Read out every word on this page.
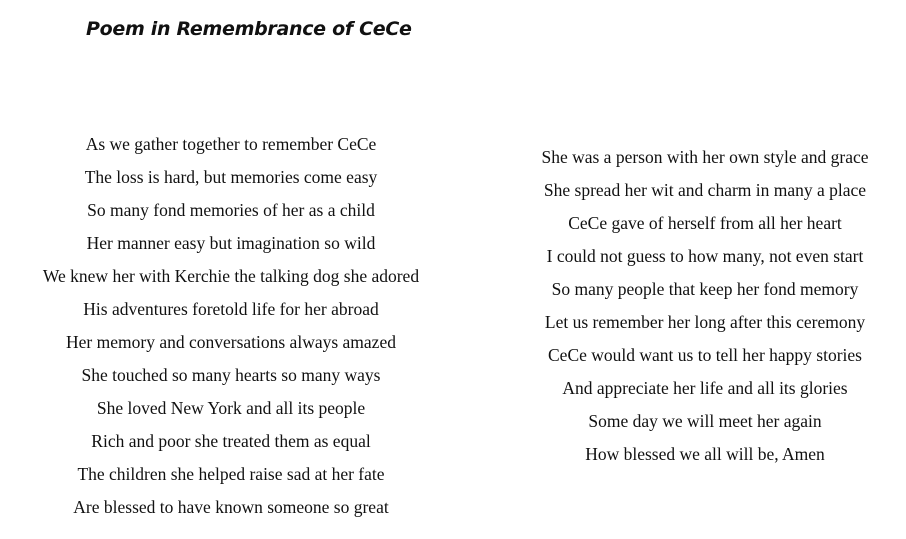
Poem in Remembrance of CeCe
As we gather together to remember CeCe
The loss is hard, but memories come easy
So many fond memories of her as a child
Her manner easy but imagination so wild
We knew her with Kerchie the talking dog she adored
His adventures foretold life for her abroad
Her memory and conversations always amazed
She touched so many hearts so many ways
She loved New York and all its people
Rich and poor she treated them as equal
The children she helped raise sad at her fate
Are blessed to have known someone so great
She was a person with her own style and grace
She spread her wit and charm in many a place
CeCe gave of herself from all her heart
I could not guess to how many, not even start
So many people that keep her fond memory
Let us remember her long after this ceremony
CeCe would want us to tell her happy stories
And appreciate her life and all its glories
Some day we will meet her again
How blessed we all will be, Amen
